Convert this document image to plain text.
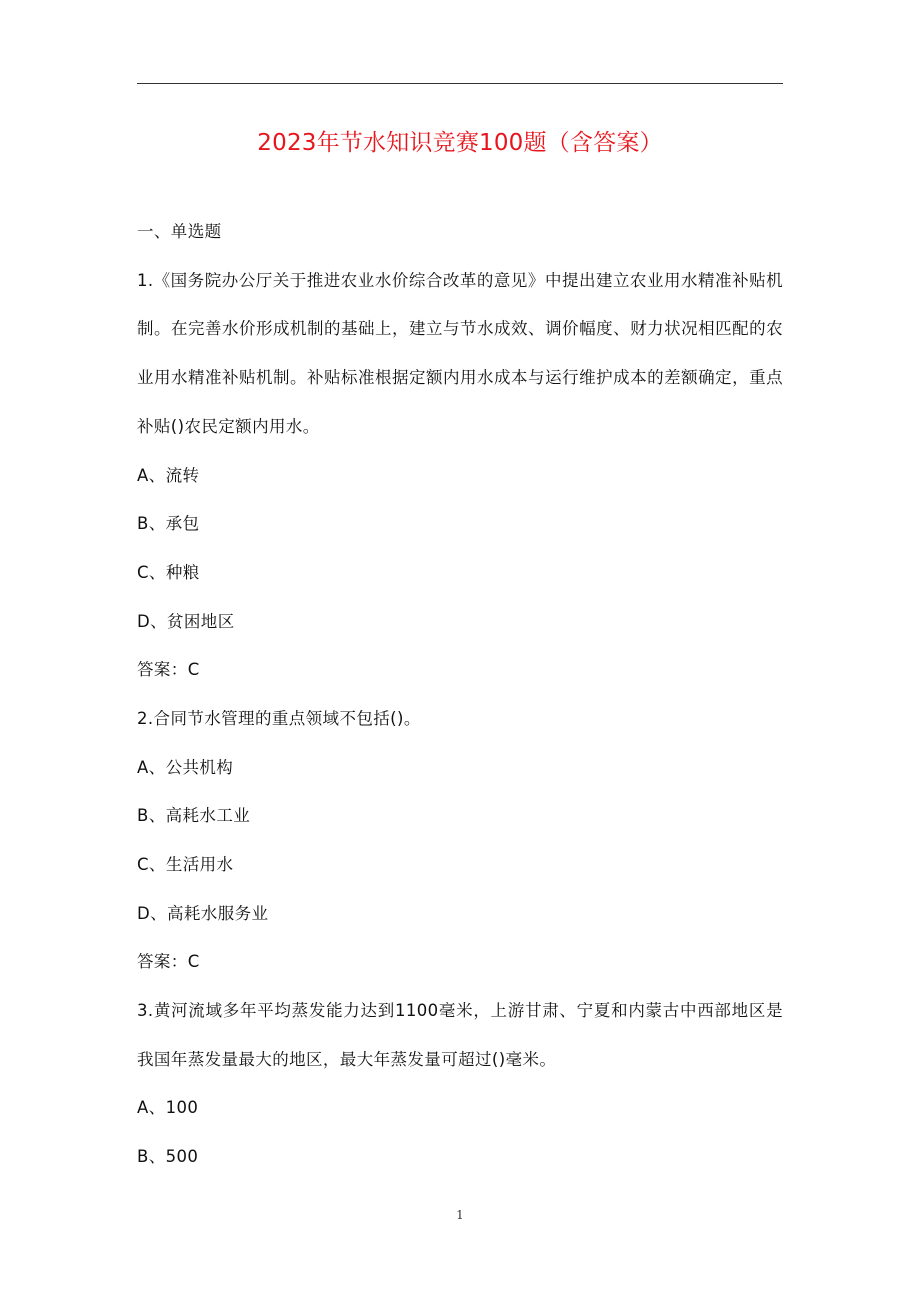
2023年节水知识竞赛100题（含答案）

一、单选题

1.《国务院办公厅关于推进农业水价综合改革的意见》中提出建立农业用水精准补贴机制。在完善水价形成机制的基础上，建立与节水成效、调价幅度、财力状况相匹配的农业用水精准补贴机制。补贴标准根据定额内用水成本与运行维护成本的差额确定，重点补贴()农民定额内用水。

A、流转

B、承包

C、种粮

D、贫困地区

答案：C

2.合同节水管理的重点领域不包括()。

A、公共机构

B、高耗水工业

C、生活用水

D、高耗水服务业

答案：C

3.黄河流域多年平均蒸发能力达到1100毫米，上游甘肃、宁夏和内蒙古中西部地区是我国年蒸发量最大的地区，最大年蒸发量可超过()毫米。

A、100

B、500

1
